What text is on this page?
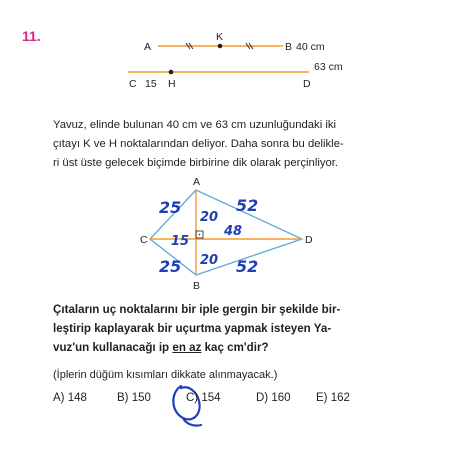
11.
A
K
B 40 cm
63 cm
C 15 H	D
A
C
B
D
25	52
15
20
48
25 20 52
Yavuz, elinde bulunan 40 cm ve 63 cm uzunluğundaki iki
çıtayı K ve H noktalarından deliyor. Daha sonra bu delikle-
ri üst üste gelecek biçimde birbirine dik olarak perçinliyor.
Çıtaların uç noktalarını bir iple gergin bir şekilde bir-
leştirip kaplayarak bir uçurtma yapmak isteyen Ya-
vuz'un kullanacağı ip en az kaç cm'dir?
(İplerin düğüm kısımları dikkate alınmayacak.)
A) 148	B) 150	C) 154	D) 160 E) 162
